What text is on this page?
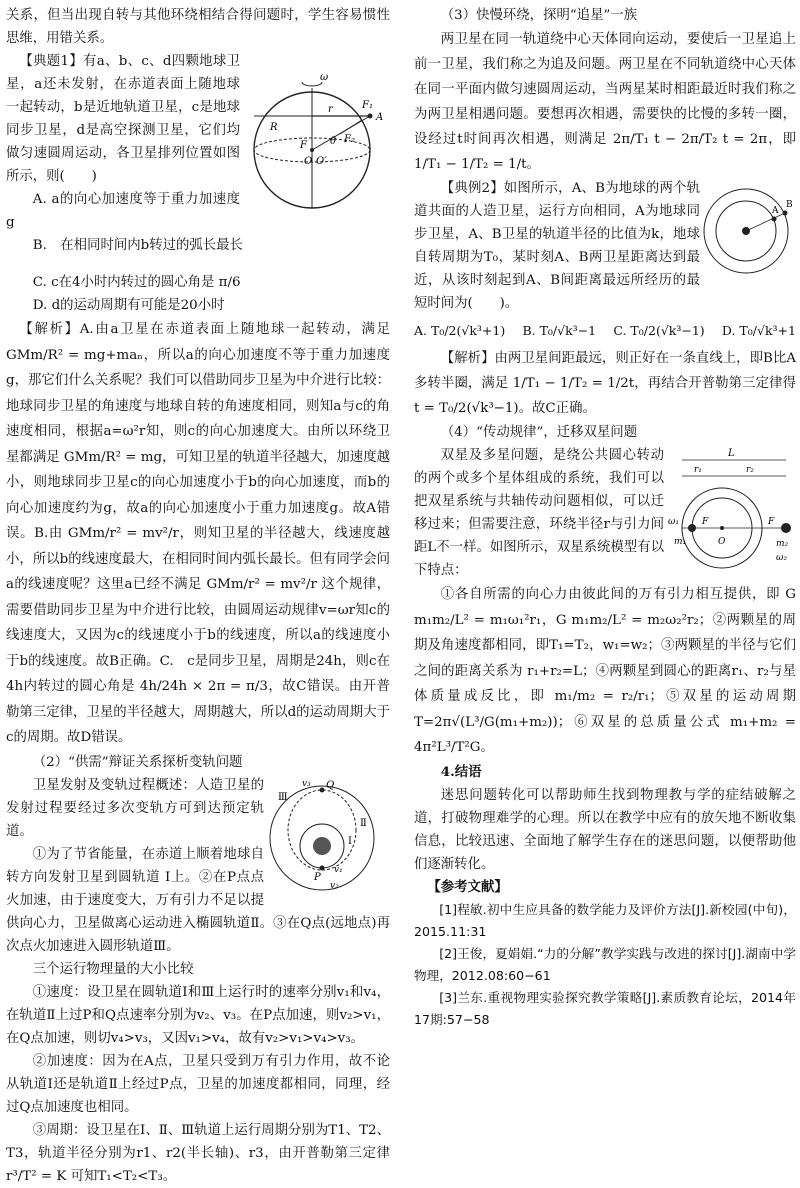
关系，但当出现自转与其他环绕相结合得问题时，学生容易惯性思维，用错关系。

ω
F₁
A
R
r
θ F₂
F
O O′

【典题1】有a、b、c、d四颗地球卫星，a还未发射，在赤道表面上随地球一起转动，b是近地轨道卫星，c是地球同步卫星，d是高空探测卫星，它们均做匀速圆周运动，各卫星排列位置如图所示，则(　　)

A. a的向心加速度等于重力加速度g

B.　在相同时间内b转过的弧长最长

C. c在4小时内转过的圆心角是 π/6

D. d的运动周期有可能是20小时

【解析】A.由a卫星在赤道表面上随地球一起转动，满足 GMm/R² = mg+maₙ，所以a的向心加速度不等于重力加速度g，那它们什么关系呢？我们可以借助同步卫星为中介进行比较：地球同步卫星的角速度与地球自转的角速度相同，则知a与c的角速度相同，根据a=ω²r知，则c的向心加速度大。由所以环绕卫星都满足 GMm/R² = mg，可知卫星的轨道半径越大，加速度越小，则地球同步卫星c的向心加速度小于b的向心加速度，而b的向心加速度约为g，故a的向心加速度小于重力加速度g。故A错误。B.由 GMm/r² = mv²/r，则知卫星的半径越大，线速度越小，所以b的线速度最大，在相同时间内弧长最长。但有同学会问a的线速度呢？这里a已经不满足 GMm/r² = mv²/r 这个规律，需要借助同步卫星为中介进行比较，由圆周运动规律v=ωr知c的线速度大，又因为c的线速度小于b的线速度，所以a的线速度小于b的线速度。故B正确。C.　c是同步卫星，周期是24h，则c在4h内转过的圆心角是 4h/24h × 2π = π/3，故C错误。由开普勒第三定律，卫星的半径越大，周期越大，所以d的运动周期大于c的周期。故D错误。

（2）“供需”辩证关系探析变轨问题

Ⅲ
Q
Ⅱ
Ⅰ
P
v₁
v₂
v₃

卫星发射及变轨过程概述：人造卫星的发射过程要经过多次变轨方可到达预定轨道。

①为了节省能量，在赤道上顺着地球自转方向发射卫星到圆轨道 Ⅰ上。②在P点点火加速，由于速度变大，万有引力不足以提供向心力，卫星做离心运动进入椭圆轨道Ⅱ。③在Q点(远地点)再次点火加速进入圆形轨道Ⅲ。

三个运行物理量的大小比较

①速度：设卫星在圆轨道Ⅰ和Ⅲ上运行时的速率分别v₁和v₄，在轨道Ⅱ上过P和Q点速率分别为v₂、v₃。在P点加速，则v₂>v₁，在Q点加速，则切v₄>v₃，又因v₁>v₄，故有v₂>v₁>v₄>v₃。

②加速度：因为在A点，卫星只受到万有引力作用，故不论从轨道Ⅰ还是轨道Ⅱ上经过P点，卫星的加速度都相同，同理，经过Q点加速度也相同。

③周期：设卫星在Ⅰ、Ⅱ、Ⅲ轨道上运行周期分别为T1、T2、T3，轨道半径分别为r1、r2(半长轴)、r3，由开普勒第三定律 r³/T² = K 可知T₁<T₂<T₃。

（3）快慢环绕，探明“追星”一族

两卫星在同一轨道绕中心天体同向运动，要使后一卫星追上前一卫星，我们称之为追及问题。两卫星在不同轨道绕中心天体在同一平面内做匀速圆周运动，当两星某时相距最近时我们称之为两卫星相遇问题。要想再次相遇，需要快的比慢的多转一圈，设经过t时间再次相遇，则满足 2π/T₁ t − 2π/T₂ t = 2π，即 1/T₁ − 1/T₂ = 1/t。

A
B

【典例2】如图所示，A、B为地球的两个轨道共面的人造卫星，运行方向相同，A为地球同步卫星，A、B卫星的轨道半径的比值为k，地球自转周期为T₀，某时刻A、B两卫星距离达到最近，从该时刻起到A、B间距离最远所经历的最短时间为(　　)。

A. T₀/2(√k³+1) B. T₀/√k³−1 C. T₀/2(√k³−1) D. T₀/√k³+1

【解析】由两卫星间距最远，则正好在一条直线上，即B比A多转半圈，满足 1/T₁ − 1/T₂ = 1/2t，再结合开普勒第三定律得 t = T₀/2(√k³−1)。故C正确。

（4）“传动规律”，迁移双星问题

L
r₁	r₂
ω₁
m₁	O
F	F
m₂
ω₂

双星及多星问题，是绕公共圆心转动的两个或多个星体组成的系统，我们可以把双星系统与共轴传动问题相似，可以迁移过来；但需要注意，环绕半径r与引力间距L不一样。如图所示，双星系统模型有以下特点：

①各自所需的向心力由彼此间的万有引力相互提供，即 G m₁m₂/L² = m₁ω₁²r₁，G m₁m₂/L² = m₂ω₂²r₂；②两颗星的周期及角速度都相同，即T₁=T₂，w₁=w₂；③两颗星的半径与它们之间的距离关系为 r₁+r₂=L；④两颗星到圆心的距离r₁、r₂与星体质量成反比，即 m₁/m₂ = r₂/r₁；⑤双星的运动周期 T=2π√(L³/G(m₁+m₂))；⑥双星的总质量公式 m₁+m₂ = 4π²L³/T²G。

4.结语

迷思问题转化可以帮助师生找到物理教与学的症结破解之道，打破物理难学的心理。所以在教学中应有的放矢地不断收集信息，比较迅速、全面地了解学生存在的迷思问题，以便帮助他们逐渐转化。

【参考文献】

[1]程敏.初中生应具备的数学能力及评价方法[J].新校园(中旬)，2015.11:31

[2]王俊，夏娟娟.“力的分解”教学实践与改进的探讨[J].湖南中学物理，2012.08:60−61

[3]兰东.重视物理实验探究教学策略[J].素质教育论坛，2014年17期:57−58
